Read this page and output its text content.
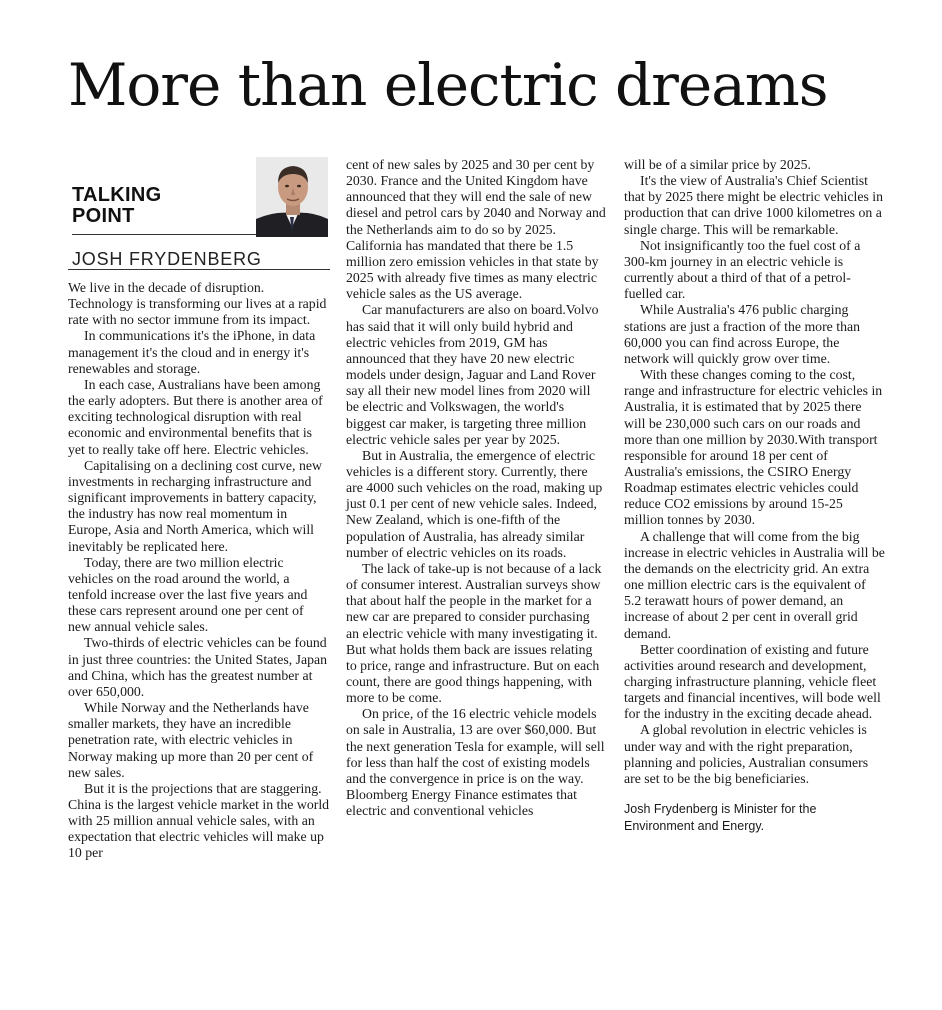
More than electric dreams
TALKING POINT
JOSH FRYDENBERG

We live in the decade of disruption. Technology is transforming our lives at a rapid rate with no sector immune from its impact.

In communications it's the iPhone, in data management it's the cloud and in energy it's renewables and storage.

In each case, Australians have been among the early adopters. But there is another area of exciting technological disruption with real economic and environmental benefits that is yet to really take off here. Electric vehicles.

Capitalising on a declining cost curve, new investments in recharging infrastructure and significant improvements in battery capacity, the industry has now real momentum in Europe, Asia and North America, which will inevitably be replicated here.

Today, there are two million electric vehicles on the road around the world, a tenfold increase over the last five years and these cars represent around one per cent of new annual vehicle sales.

Two-thirds of electric vehicles can be found in just three countries: the United States, Japan and China, which has the greatest number at over 650,000.

While Norway and the Netherlands have smaller markets, they have an incredible penetration rate, with electric vehicles in Norway making up more than 20 per cent of new sales.

But it is the projections that are staggering. China is the largest vehicle market in the world with 25 million annual vehicle sales, with an expectation that electric vehicles will make up 10 per

cent of new sales by 2025 and 30 per cent by 2030. France and the United Kingdom have announced that they will end the sale of new diesel and petrol cars by 2040 and Norway and the Netherlands aim to do so by 2025. California has mandated that there be 1.5 million zero emission vehicles in that state by 2025 with already five times as many electric vehicle sales as the US average.

Car manufacturers are also on board.Volvo has said that it will only build hybrid and electric vehicles from 2019, GM has announced that they have 20 new electric models under design, Jaguar and Land Rover say all their new model lines from 2020 will be electric and Volkswagen, the world's biggest car maker, is targeting three million electric vehicle sales per year by 2025.

But in Australia, the emergence of electric vehicles is a different story. Currently, there are 4000 such vehicles on the road, making up just 0.1 per cent of new vehicle sales. Indeed, New Zealand, which is one-fifth of the population of Australia, has already similar number of electric vehicles on its roads.

The lack of take-up is not because of a lack of consumer interest. Australian surveys show that about half the people in the market for a new car are prepared to consider purchasing an electric vehicle with many investigating it. But what holds them back are issues relating to price, range and infrastructure. But on each count, there are good things happening, with more to be come.

On price, of the 16 electric vehicle models on sale in Australia, 13 are over $60,000. But the next generation Tesla for example, will sell for less than half the cost of existing models and the convergence in price is on the way. Bloomberg Energy Finance estimates that electric and conventional vehicles

will be of a similar price by 2025.

It's the view of Australia's Chief Scientist that by 2025 there might be electric vehicles in production that can drive 1000 kilometres on a single charge. This will be remarkable.

Not insignificantly too the fuel cost of a 300-km journey in an electric vehicle is currently about a third of that of a petrol-fuelled car.

While Australia's 476 public charging stations are just a fraction of the more than 60,000 you can find across Europe, the network will quickly grow over time.

With these changes coming to the cost, range and infrastructure for electric vehicles in Australia, it is estimated that by 2025 there will be 230,000 such cars on our roads and more than one million by 2030.With transport responsible for around 18 per cent of Australia's emissions, the CSIRO Energy Roadmap estimates electric vehicles could reduce CO2 emissions by around 15-25 million tonnes by 2030.

A challenge that will come from the big increase in electric vehicles in Australia will be the demands on the electricity grid. An extra one million electric cars is the equivalent of 5.2 terawatt hours of power demand, an increase of about 2 per cent in overall grid demand.

Better coordination of existing and future activities around research and development, charging infrastructure planning, vehicle fleet targets and financial incentives, will bode well for the industry in the exciting decade ahead.

A global revolution in electric vehicles is under way and with the right preparation, planning and policies, Australian consumers are set to be the big beneficiaries.

Josh Frydenberg is Minister for the Environment and Energy.
